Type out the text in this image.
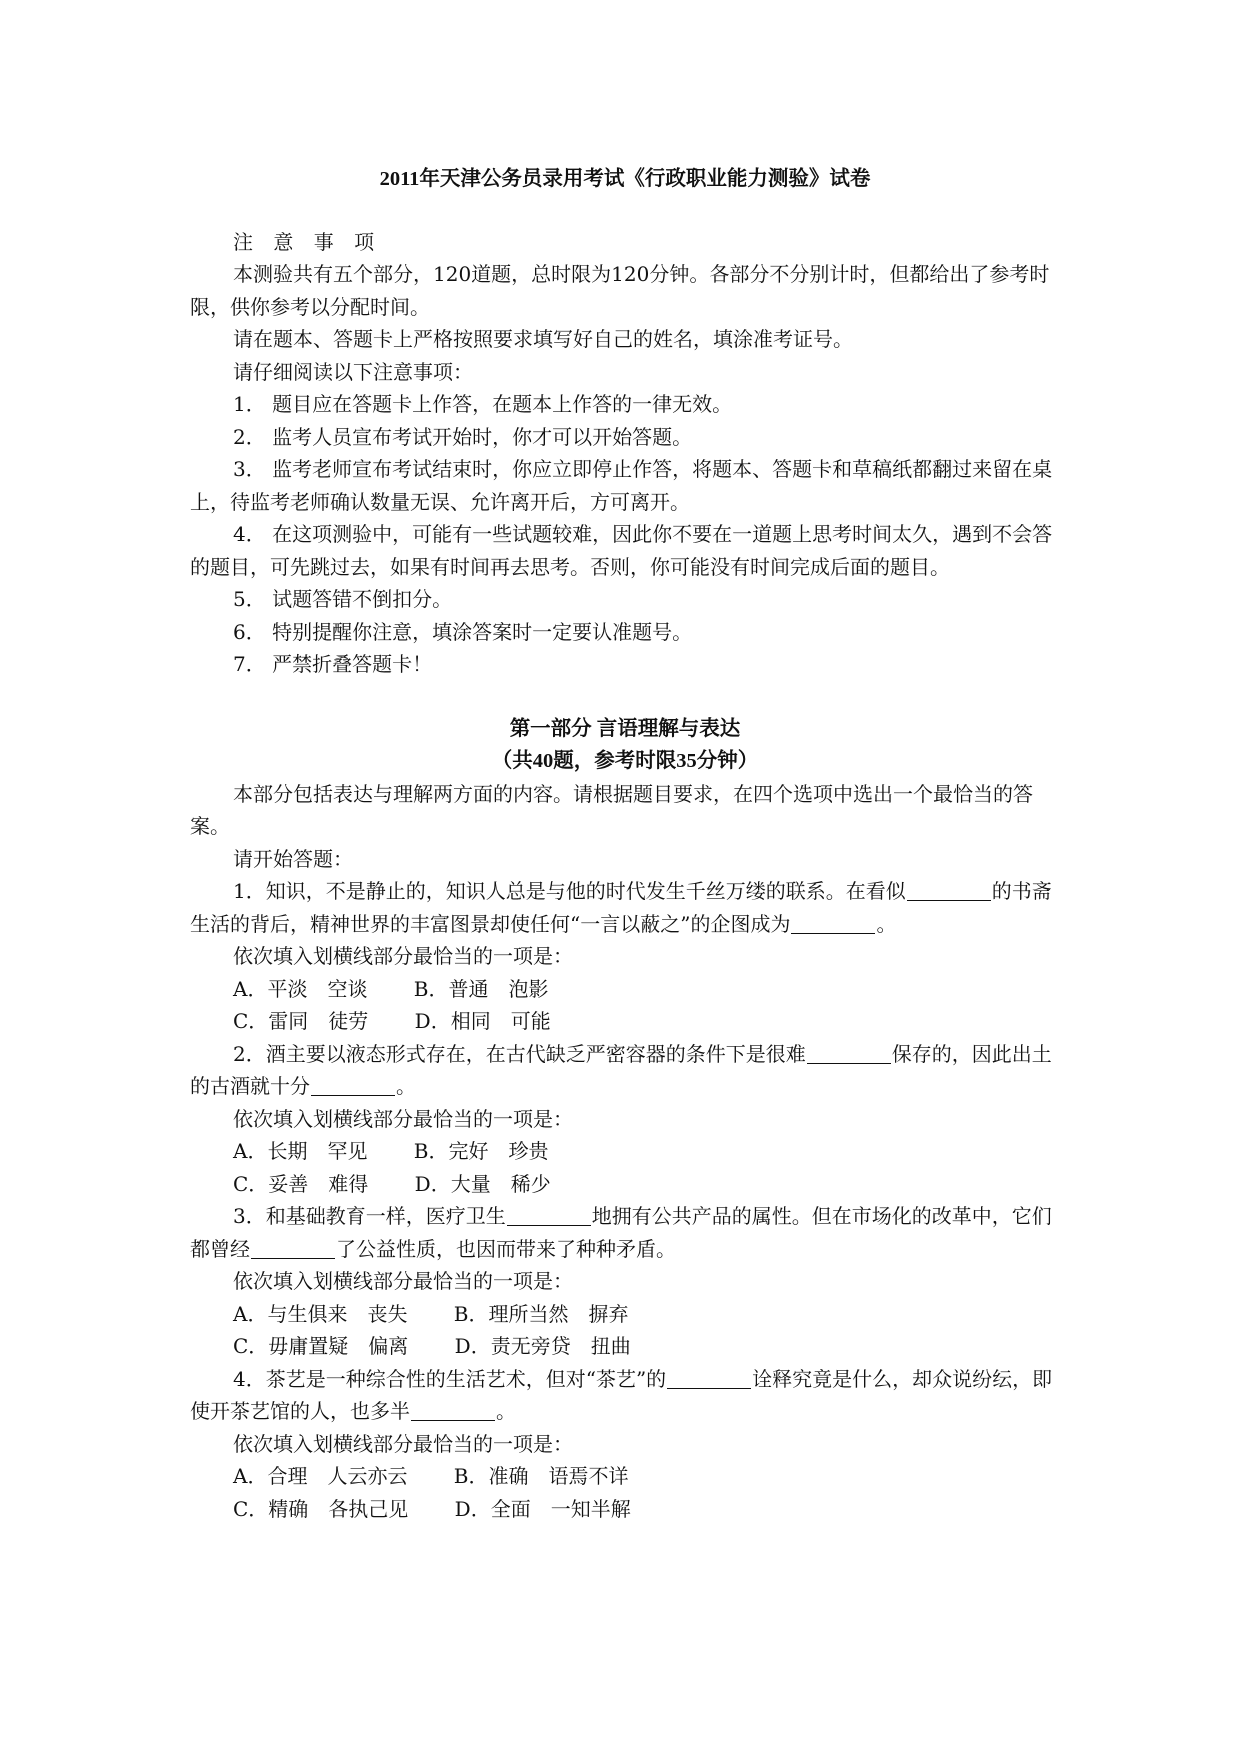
2011年天津公务员录用考试《行政职业能力测验》试卷

注 意 事 项

本测验共有五个部分，120道题，总时限为120分钟。各部分不分别计时，但都给出了参考时限，供你参考以分配时间。

请在题本、答题卡上严格按照要求填写好自己的姓名，填涂准考证号。

请仔细阅读以下注意事项：

1． 题目应在答题卡上作答，在题本上作答的一律无效。

2． 监考人员宣布考试开始时，你才可以开始答题。

3． 监考老师宣布考试结束时，你应立即停止作答，将题本、答题卡和草稿纸都翻过来留在桌上，待监考老师确认数量无误、允许离开后，方可离开。

4． 在这项测验中，可能有一些试题较难，因此你不要在一道题上思考时间太久，遇到不会答的题目，可先跳过去，如果有时间再去思考。否则，你可能没有时间完成后面的题目。

5． 试题答错不倒扣分。

6． 特别提醒你注意，填涂答案时一定要认准题号。

7． 严禁折叠答题卡！

第一部分 言语理解与表达
（共40题，参考时限35分钟）

本部分包括表达与理解两方面的内容。请根据题目要求，在四个选项中选出一个最恰当的答案。

请开始答题：

1．知识，不是静止的，知识人总是与他的时代发生千丝万缕的联系。在看似	的书斋生活的背后，精神世界的丰富图景却使任何“一言以蔽之”的企图成为	。

依次填入划横线部分最恰当的一项是：

A．平淡　空谈　　 B．普通　泡影

C．雷同　徒劳　　 D．相同　可能

2．酒主要以液态形式存在，在古代缺乏严密容器的条件下是很难	保存的，因此出土的古酒就十分	。

依次填入划横线部分最恰当的一项是：

A．长期　罕见　　 B．完好　珍贵

C．妥善　难得　　 D．大量　稀少

3．和基础教育一样，医疗卫生	地拥有公共产品的属性。但在市场化的改革中，它们都曾经	了公益性质，也因而带来了种种矛盾。

依次填入划横线部分最恰当的一项是：

A．与生俱来　丧失　　 B．理所当然　摒弃

C．毋庸置疑　偏离　　 D．责无旁贷　扭曲

4．茶艺是一种综合性的生活艺术，但对“茶艺”的	诠释究竟是什么，却众说纷纭，即使开茶艺馆的人，也多半	。

依次填入划横线部分最恰当的一项是：

A．合理　人云亦云　　 B．准确　语焉不详

C．精确　各执己见　　 D．全面　一知半解
